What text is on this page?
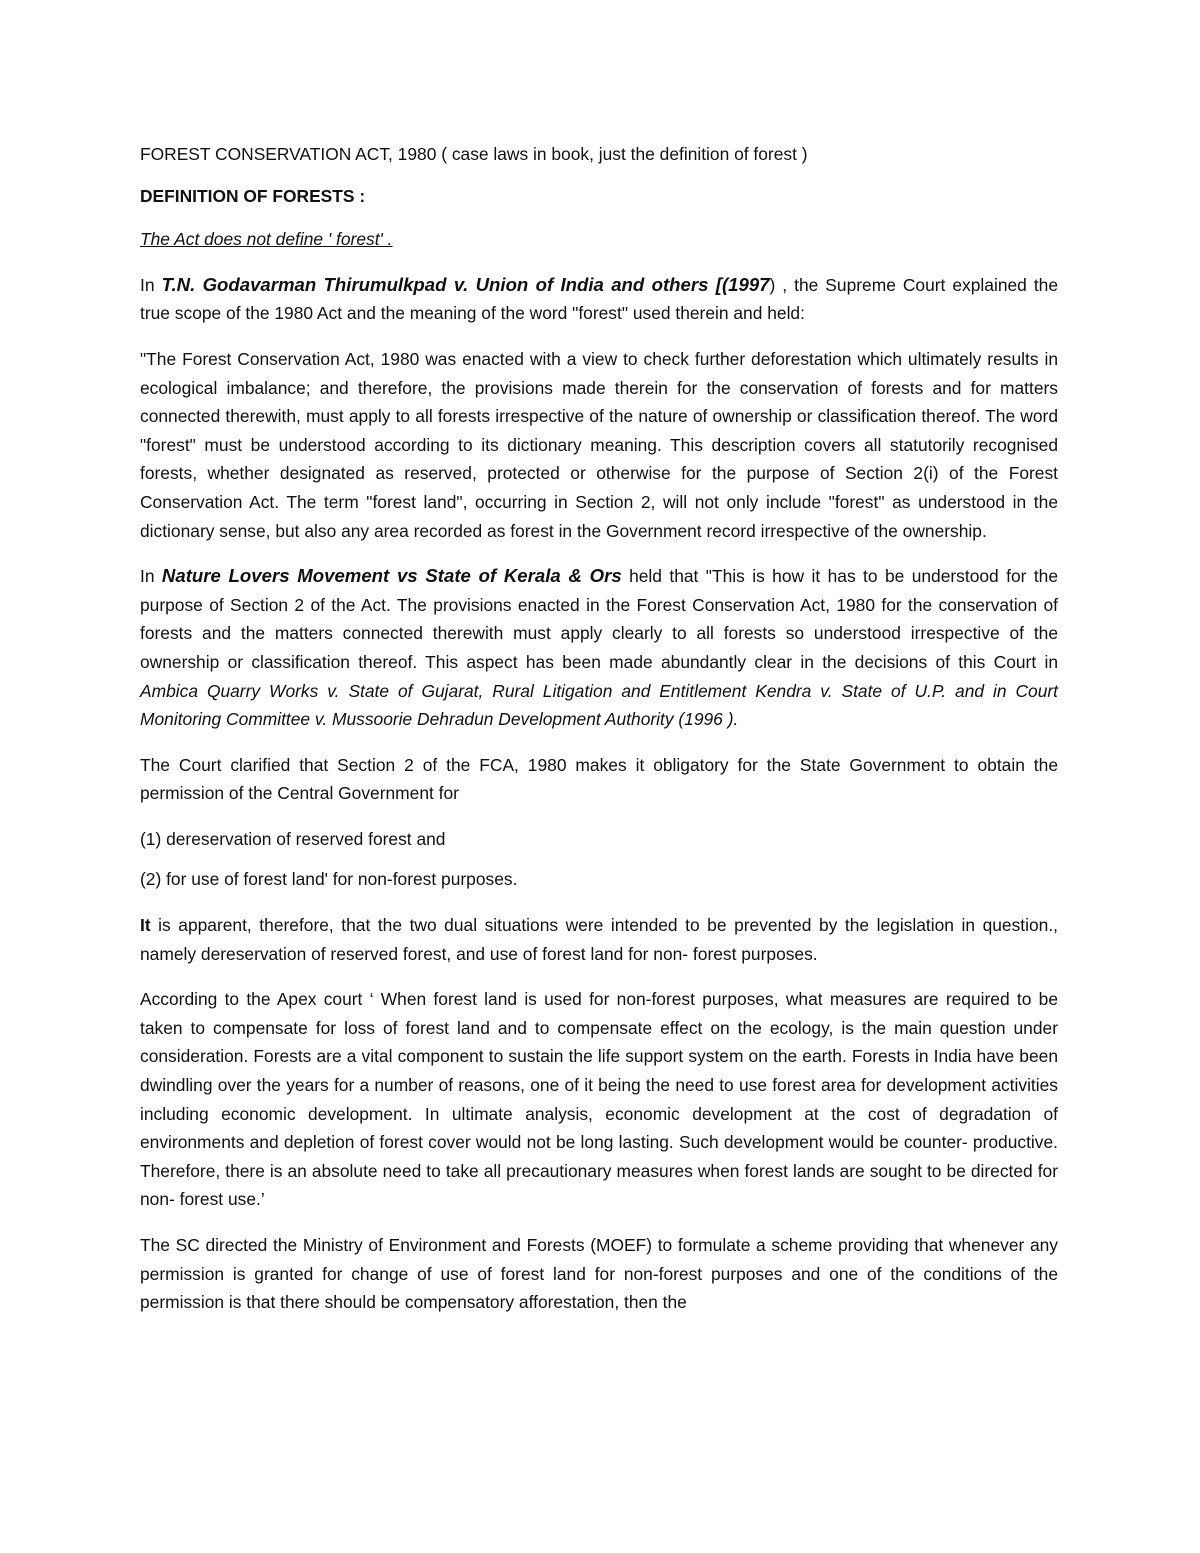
FOREST CONSERVATION ACT, 1980 ( case laws in book, just the definition of forest )

DEFINITION OF FORESTS :

The Act does not define ' forest' .

In T.N. Godavarman Thirumulkpad v. Union of India and others [(1997) , the Supreme Court explained the true scope of the 1980 Act and the meaning of the word "forest" used therein and held:

"The Forest Conservation Act, 1980 was enacted with a view to check further deforestation which ultimately results in ecological imbalance; and therefore, the provisions made therein for the conservation of forests and for matters connected therewith, must apply to all forests irrespective of the nature of ownership or classification thereof. The word "forest" must be understood according to its dictionary meaning. This description covers all statutorily recognised forests, whether designated as reserved, protected or otherwise for the purpose of Section 2(i) of the Forest Conservation Act. The term "forest land", occurring in Section 2, will not only include "forest" as understood in the dictionary sense, but also any area recorded as forest in the Government record irrespective of the ownership.

In Nature Lovers Movement vs State of Kerala & Ors held that "This is how it has to be understood for the purpose of Section 2 of the Act. The provisions enacted in the Forest Conservation Act, 1980 for the conservation of forests and the matters connected therewith must apply clearly to all forests so understood irrespective of the ownership or classification thereof. This aspect has been made abundantly clear in the decisions of this Court in Ambica Quarry Works v. State of Gujarat, Rural Litigation and Entitlement Kendra v. State of U.P. and in Court Monitoring Committee v. Mussoorie Dehradun Development Authority (1996 ).

The Court clarified that Section 2 of the FCA, 1980 makes it obligatory for the State Government to obtain the permission of the Central Government for

(1) dereservation of reserved forest and

(2) for use of forest land' for non-forest purposes.

It is apparent, therefore, that the two dual situations were intended to be prevented by the legislation in question., namely dereservation of reserved forest, and use of forest land for non- forest purposes.

According to the Apex court ‘ When forest land is used for non-forest purposes, what measures are required to be taken to compensate for loss of forest land and to compensate effect on the ecology, is the main question under consideration. Forests are a vital component to sustain the life support system on the earth. Forests in India have been dwindling over the years for a number of reasons, one of it being the need to use forest area for development activities including economic development. In ultimate analysis, economic development at the cost of degradation of environments and depletion of forest cover would not be long lasting. Such development would be counter- productive. Therefore, there is an absolute need to take all precautionary measures when forest lands are sought to be directed for non- forest use.’

The SC directed the Ministry of Environment and Forests (MOEF) to formulate a scheme providing that whenever any permission is granted for change of use of forest land for non-forest purposes and one of the conditions of the permission is that there should be compensatory afforestation, then the
